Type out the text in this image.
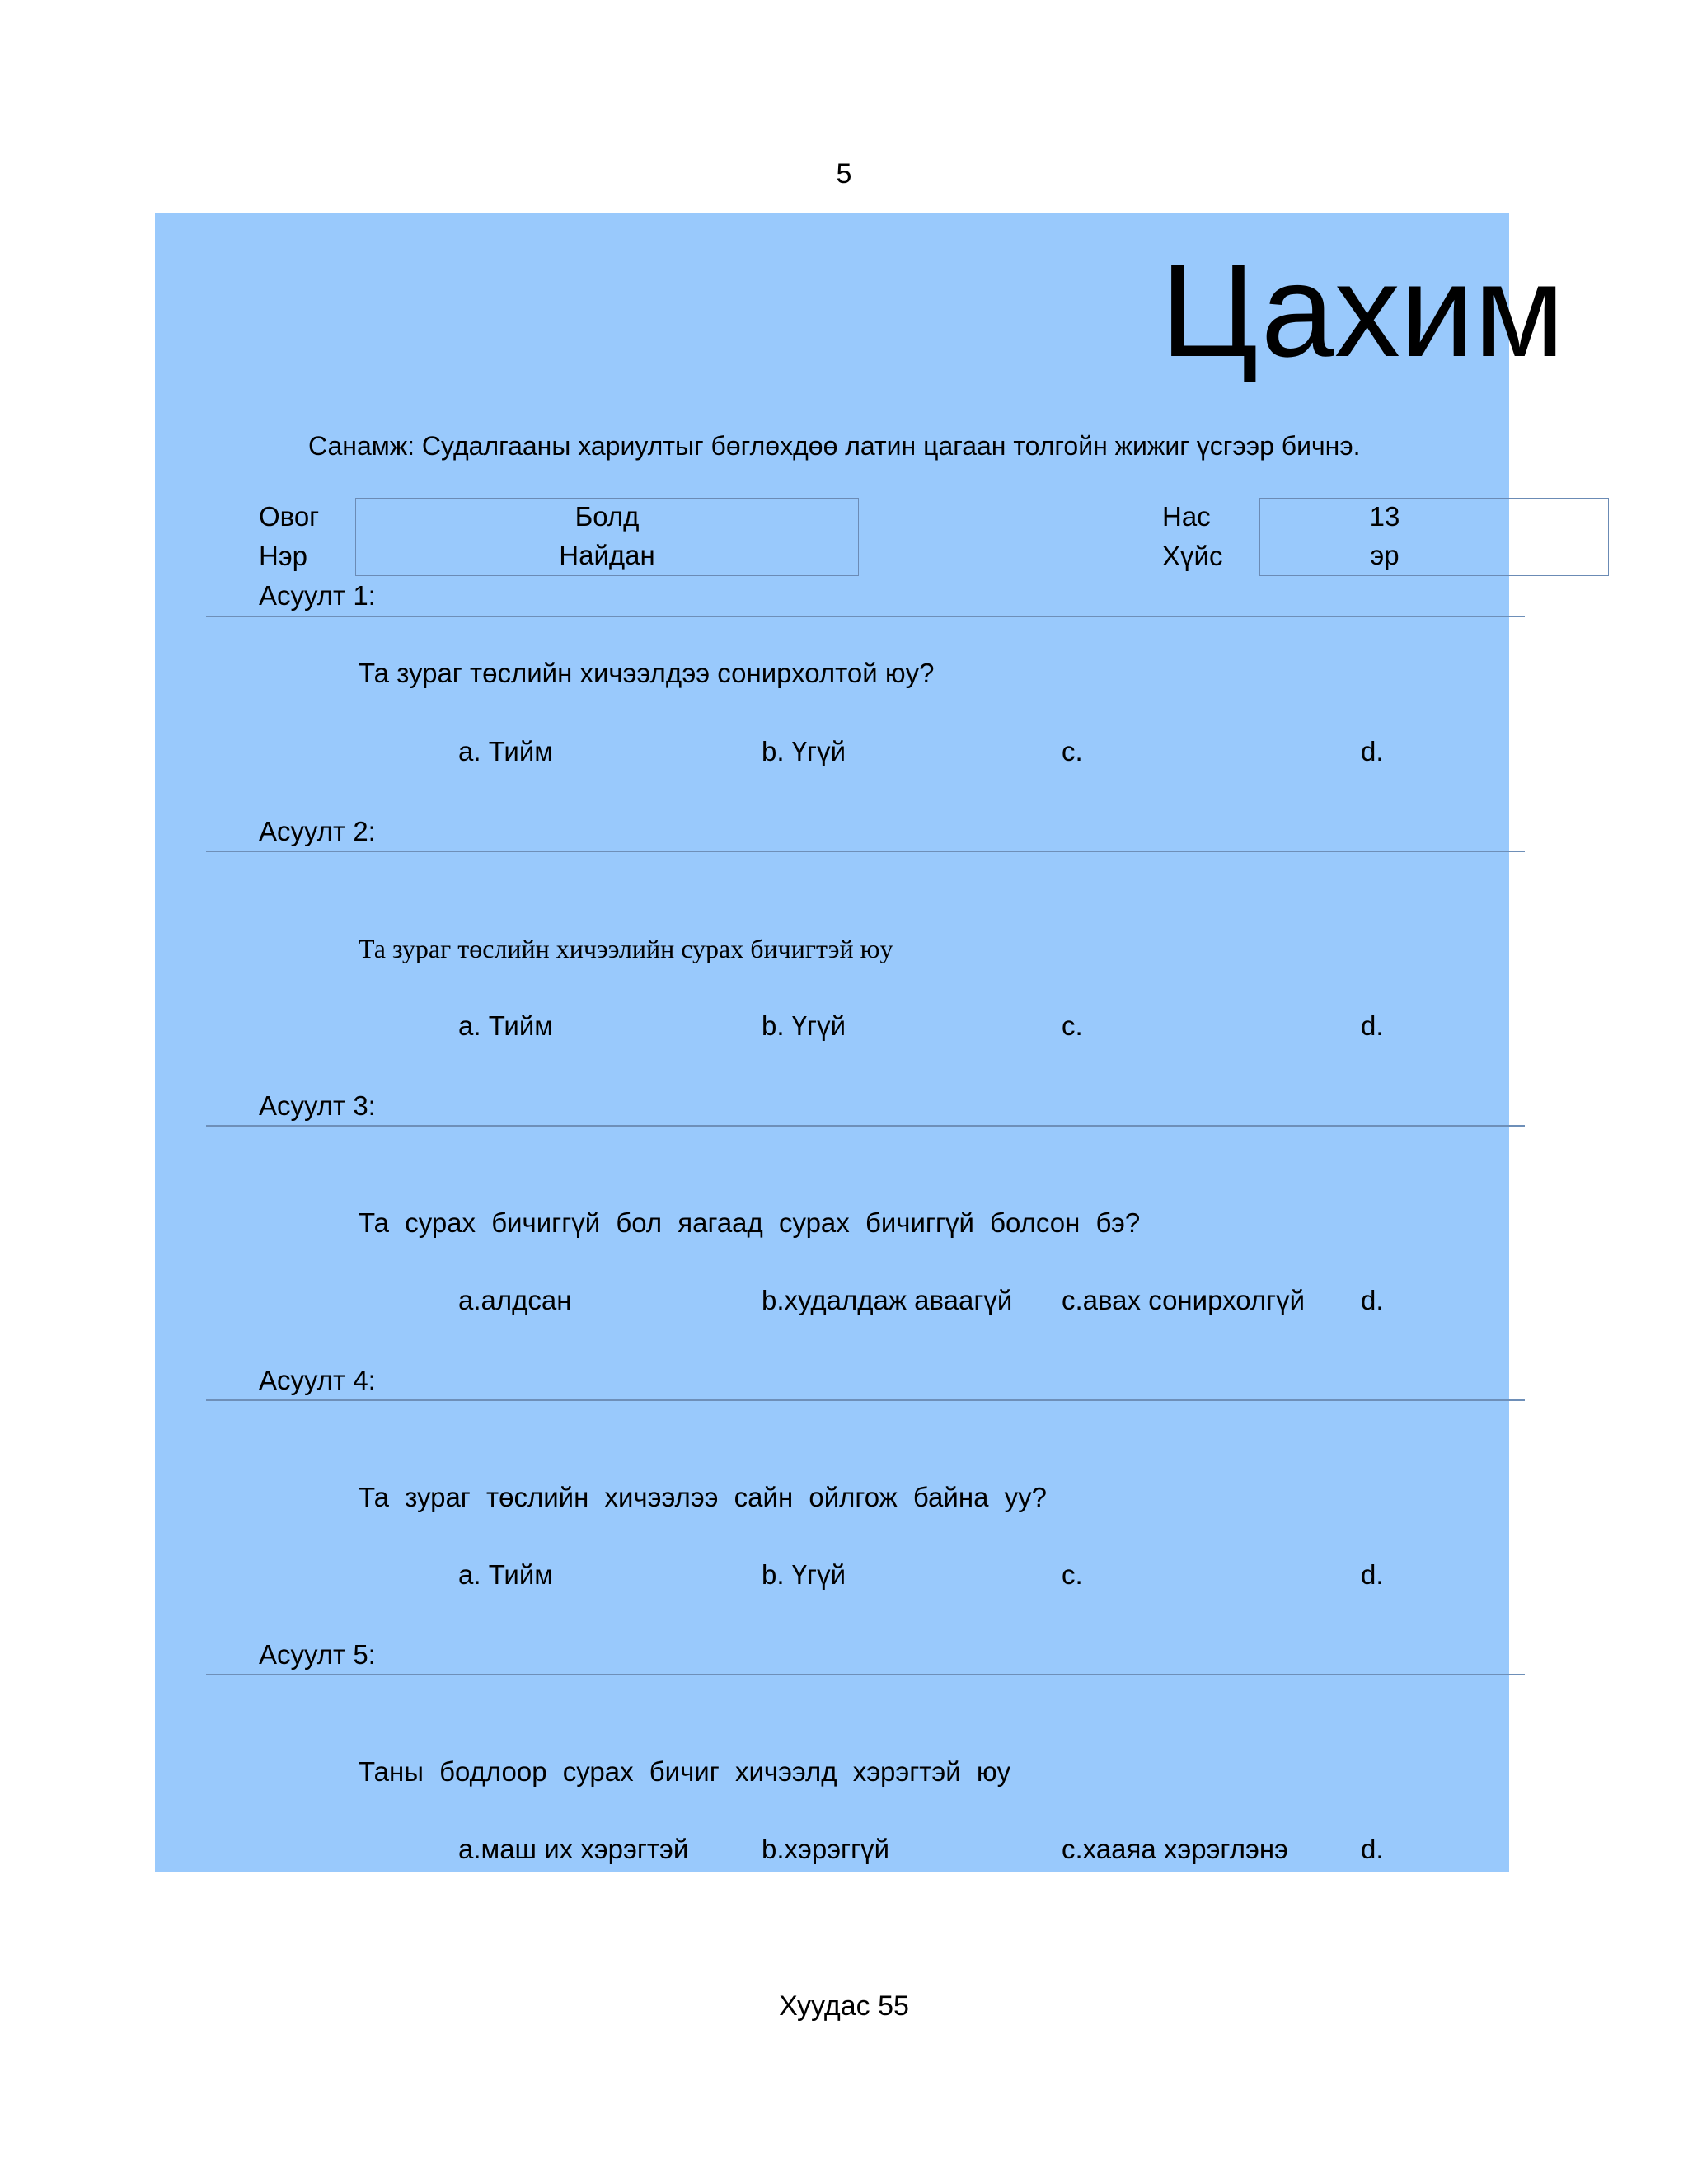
5
Цахим
Санамж: Судалгааны хариултыг бөглөхдөө латин цагаан толгойн жижиг үсгээр бичнэ.
Овог	Болд
Нэр	Найдан
Нас	13
Хүйс	эр
Асуулт 1:
Та зураг төслийн хичээлдээ сонирхолтой юу?
a. Тийм	b. Үгүй	c.	d.
Асуулт 2:
Та зураг төслийн хичээлийн сурах бичигтэй юу
a. Тийм	b. Үгүй	c.	d.
Асуулт 3:
Та сурах бичиггүй бол яагаад сурах бичиггүй болсон бэ?
a.алдсан	b.худалдаж аваагүй c.авах сонирхолгүй d.
Асуулт 4:
Та зураг төслийн хичээлээ сайн ойлгож байна уу?
a. Тийм	b. Үгүй	c.	d.
Асуулт 5:
Таны бодлоор сурах бичиг хичээлд хэрэгтэй юу
a.маш их хэрэгтэй	b.хэрэггүй	c.хааяа хэрэглэнэ	d.
Хуудас 55
